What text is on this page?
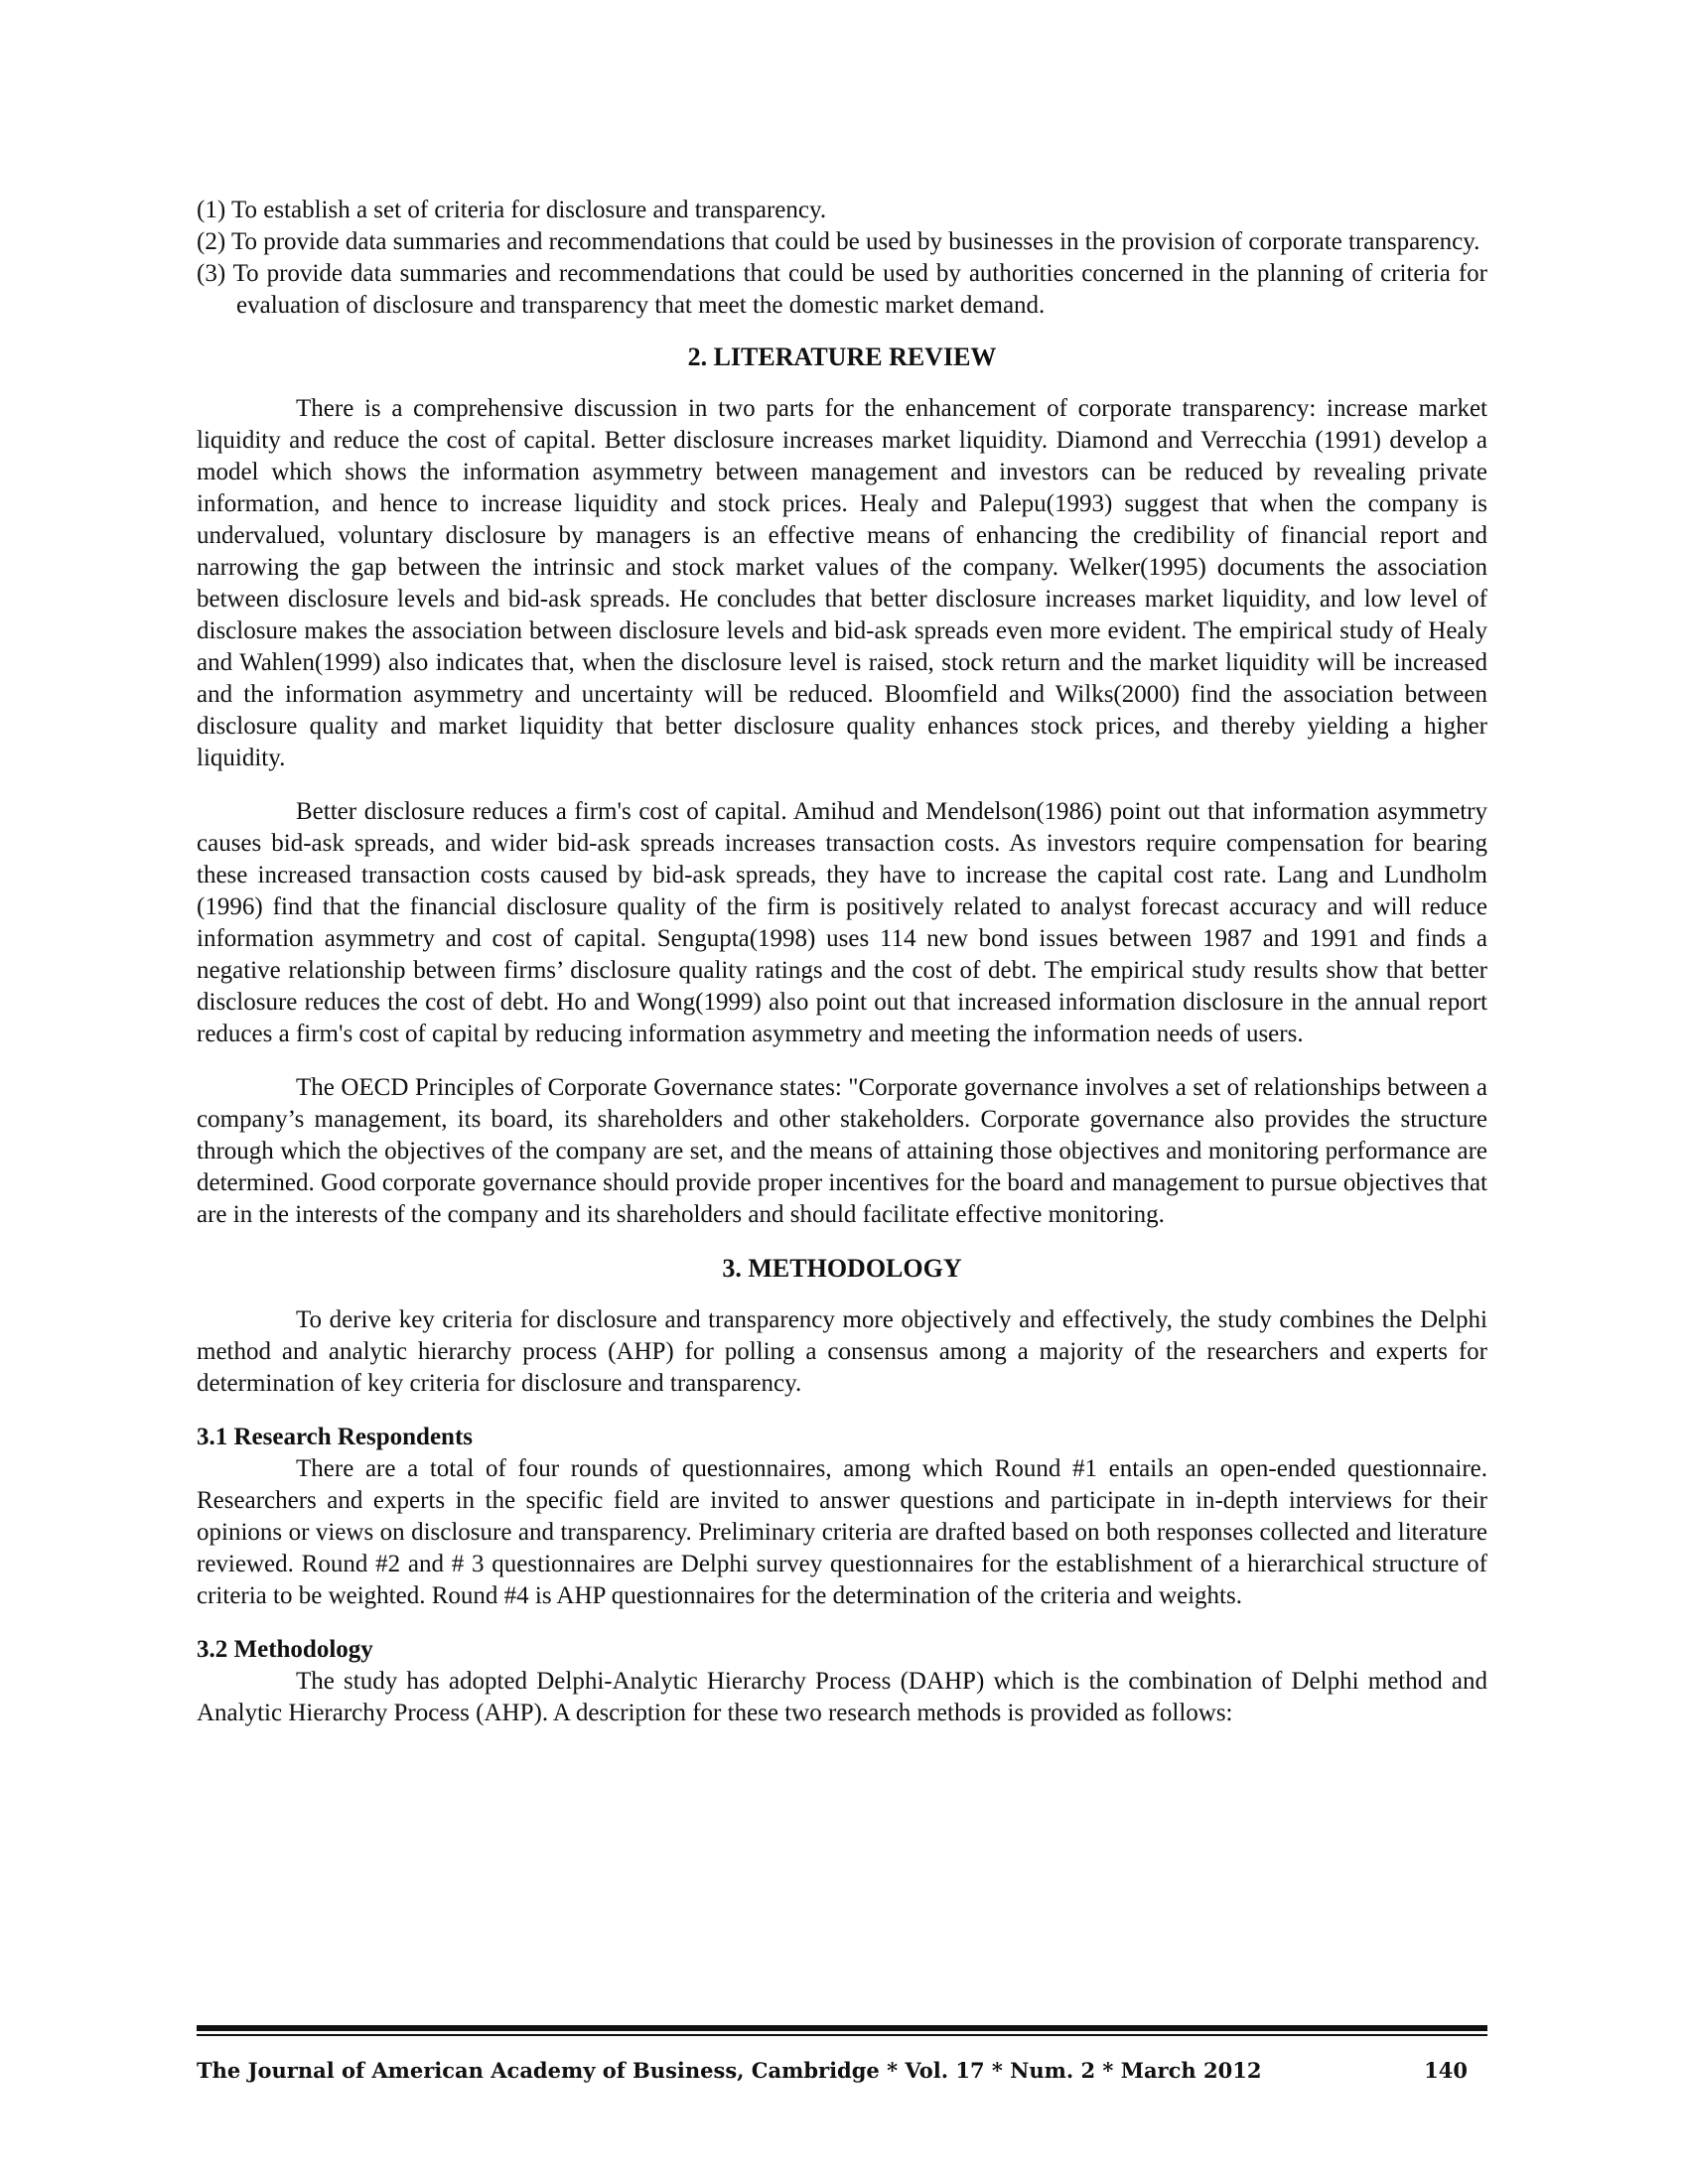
(1) To establish a set of criteria for disclosure and transparency.
(2) To provide data summaries and recommendations that could be used by businesses in the provision of corporate transparency.
(3) To provide data summaries and recommendations that could be used by authorities concerned in the planning of criteria for evaluation of disclosure and transparency that meet the domestic market demand.
2. LITERATURE REVIEW

There is a comprehensive discussion in two parts for the enhancement of corporate transparency: increase market liquidity and reduce the cost of capital. Better disclosure increases market liquidity. Diamond and Verrecchia (1991) develop a model which shows the information asymmetry between management and investors can be reduced by revealing private information, and hence to increase liquidity and stock prices. Healy and Palepu(1993) suggest that when the company is undervalued, voluntary disclosure by managers is an effective means of enhancing the credibility of financial report and narrowing the gap between the intrinsic and stock market values of the company. Welker(1995) documents the association between disclosure levels and bid-ask spreads. He concludes that better disclosure increases market liquidity, and low level of disclosure makes the association between disclosure levels and bid-ask spreads even more evident. The empirical study of Healy and Wahlen(1999) also indicates that, when the disclosure level is raised, stock return and the market liquidity will be increased and the information asymmetry and uncertainty will be reduced. Bloomfield and Wilks(2000) find the association between disclosure quality and market liquidity that better disclosure quality enhances stock prices, and thereby yielding a higher liquidity.

Better disclosure reduces a firm's cost of capital. Amihud and Mendelson(1986) point out that information asymmetry causes bid-ask spreads, and wider bid-ask spreads increases transaction costs. As investors require compensation for bearing these increased transaction costs caused by bid-ask spreads, they have to increase the capital cost rate. Lang and Lundholm (1996) find that the financial disclosure quality of the firm is positively related to analyst forecast accuracy and will reduce information asymmetry and cost of capital. Sengupta(1998) uses 114 new bond issues between 1987 and 1991 and finds a negative relationship between firms’ disclosure quality ratings and the cost of debt. The empirical study results show that better disclosure reduces the cost of debt. Ho and Wong(1999) also point out that increased information disclosure in the annual report reduces a firm's cost of capital by reducing information asymmetry and meeting the information needs of users.

The OECD Principles of Corporate Governance states: "Corporate governance involves a set of relationships between a company’s management, its board, its shareholders and other stakeholders. Corporate governance also provides the structure through which the objectives of the company are set, and the means of attaining those objectives and monitoring performance are determined. Good corporate governance should provide proper incentives for the board and management to pursue objectives that are in the interests of the company and its shareholders and should facilitate effective monitoring.

3. METHODOLOGY

To derive key criteria for disclosure and transparency more objectively and effectively, the study combines the Delphi method and analytic hierarchy process (AHP) for polling a consensus among a majority of the researchers and experts for determination of key criteria for disclosure and transparency.

3.1 Research Respondents

There are a total of four rounds of questionnaires, among which Round #1 entails an open-ended questionnaire. Researchers and experts in the specific field are invited to answer questions and participate in in-depth interviews for their opinions or views on disclosure and transparency. Preliminary criteria are drafted based on both responses collected and literature reviewed. Round #2 and # 3 questionnaires are Delphi survey questionnaires for the establishment of a hierarchical structure of criteria to be weighted. Round #4 is AHP questionnaires for the determination of the criteria and weights.

3.2 Methodology

The study has adopted Delphi-Analytic Hierarchy Process (DAHP) which is the combination of Delphi method and Analytic Hierarchy Process (AHP). A description for these two research methods is provided as follows:

The Journal of American Academy of Business, Cambridge * Vol. 17 * Num. 2 * March 2012	140
